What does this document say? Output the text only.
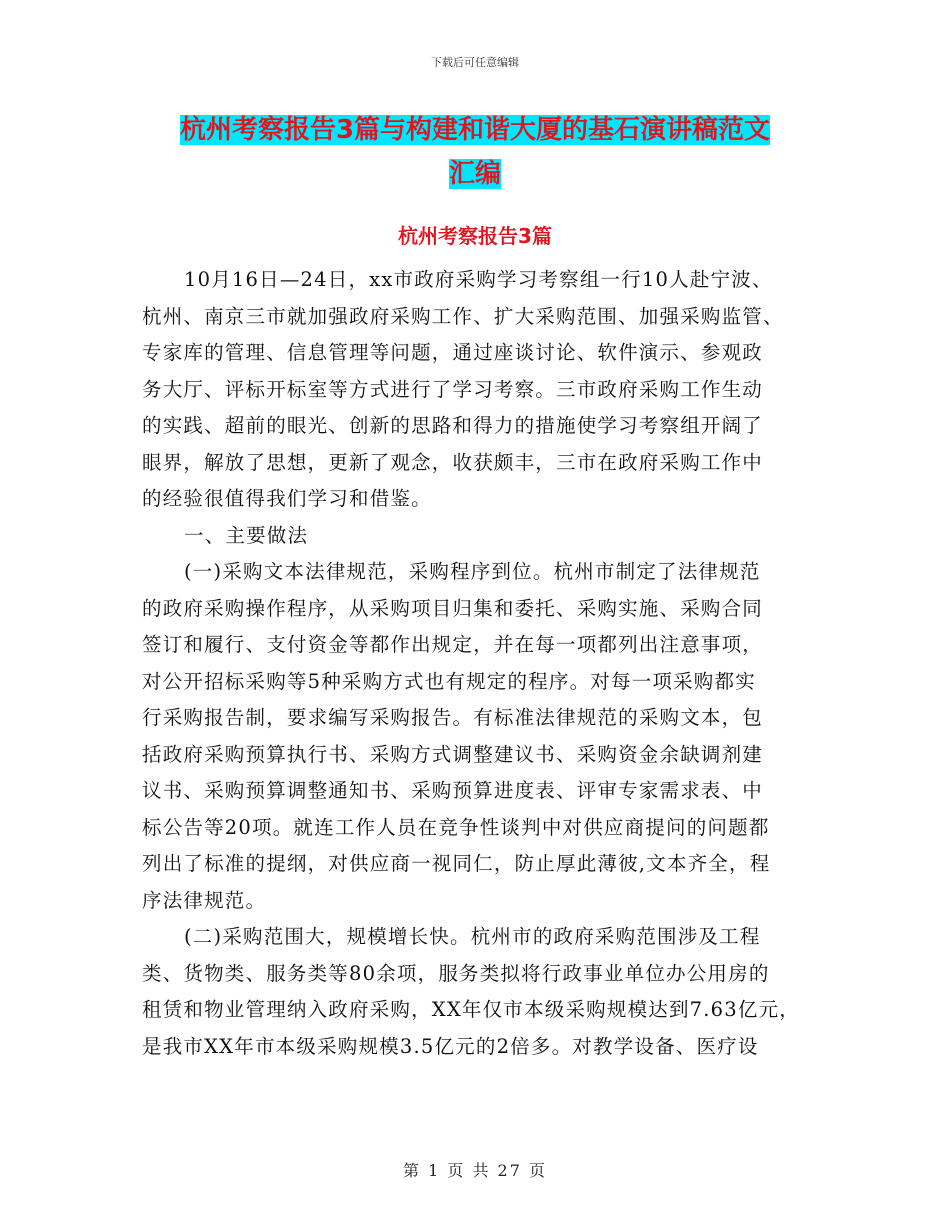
下载后可任意编辑
杭州考察报告3篇与构建和谐大厦的基石演讲稿范文
汇编
杭州考察报告3篇
10月16日—24日，xx市政府采购学习考察组一行10人赴宁波、
杭州、南京三市就加强政府采购工作、扩大采购范围、加强采购监管、
专家库的管理、信息管理等问题，通过座谈讨论、软件演示、参观政
务大厅、评标开标室等方式进行了学习考察。三市政府采购工作生动
的实践、超前的眼光、创新的思路和得力的措施使学习考察组开阔了
眼界，解放了思想，更新了观念，收获颇丰，三市在政府采购工作中
的经验很值得我们学习和借鉴。
一、主要做法
(一)采购文本法律规范，采购程序到位。杭州市制定了法律规范
的政府采购操作程序，从采购项目归集和委托、采购实施、采购合同
签订和履行、支付资金等都作出规定，并在每一项都列出注意事项，
对公开招标采购等5种采购方式也有规定的程序。对每一项采购都实
行采购报告制，要求编写采购报告。有标准法律规范的采购文本，包
括政府采购预算执行书、采购方式调整建议书、采购资金余缺调剂建
议书、采购预算调整通知书、采购预算进度表、评审专家需求表、中
标公告等20项。就连工作人员在竞争性谈判中对供应商提问的问题都
列出了标准的提纲，对供应商一视同仁，防止厚此薄彼,文本齐全，程
序法律规范。
(二)采购范围大，规模增长快。杭州市的政府采购范围涉及工程
类、货物类、服务类等80余项，服务类拟将行政事业单位办公用房的
租赁和物业管理纳入政府采购，XX年仅市本级采购规模达到7.63亿元，
是我市XX年市本级采购规模3.5亿元的2倍多。对教学设备、医疗设
第 1 页 共 27 页
